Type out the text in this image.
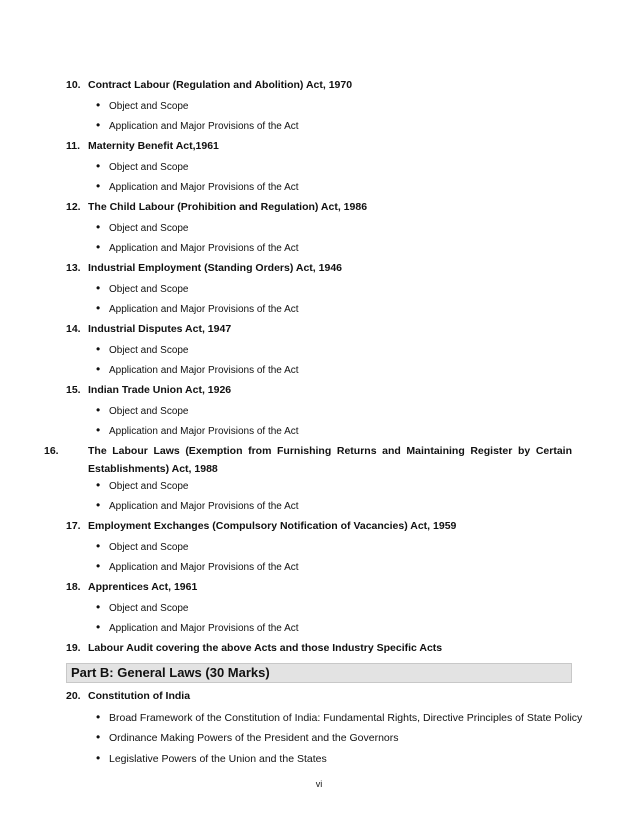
10. Contract Labour (Regulation and Abolition) Act, 1970
• Object and Scope
• Application and Major Provisions of the Act
11. Maternity Benefit Act,1961
• Object and Scope
• Application and Major Provisions of the Act
12. The Child Labour (Prohibition and Regulation) Act, 1986
• Object and Scope
• Application and Major Provisions of the Act
13. Industrial Employment (Standing Orders) Act, 1946
• Object and Scope
• Application and Major Provisions of the Act
14. Industrial Disputes Act, 1947
• Object and Scope
• Application and Major Provisions of the Act
15. Indian Trade Union Act, 1926
• Object and Scope
• Application and Major Provisions of the Act
16.	The Labour Laws (Exemption from Furnishing Returns and Maintaining Register by Certain Establishments) Act, 1988
• Object and Scope
• Application and Major Provisions of the Act
17. Employment Exchanges (Compulsory Notification of Vacancies) Act, 1959
• Object and Scope
• Application and Major Provisions of the Act
18. Apprentices Act, 1961
• Object and Scope
• Application and Major Provisions of the Act
19. Labour Audit covering the above Acts and those Industry Specific Acts
Part B: General Laws (30 Marks)
20. Constitution of India
• Broad Framework of the Constitution of India: Fundamental Rights, Directive Principles of State Policy
• Ordinance Making Powers of the President and the Governors
• Legislative Powers of the Union and the States
vi
